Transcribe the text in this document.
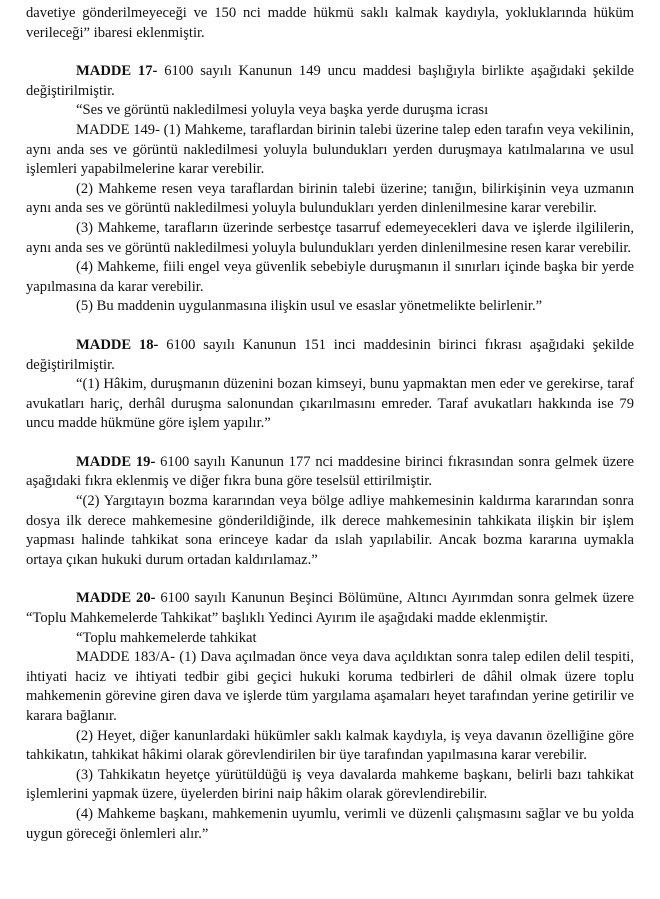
davetiye gönderilmeyeceği ve 150 nci madde hükmü saklı kalmak kaydıyla, yokluklarında hüküm verileceği” ibaresi eklenmiştir.

MADDE 17- 6100 sayılı Kanunun 149 uncu maddesi başlığıyla birlikte aşağıdaki şekilde değiştirilmiştir.

“Ses ve görüntü nakledilmesi yoluyla veya başka yerde duruşma icrası

MADDE 149- (1) Mahkeme, taraflardan birinin talebi üzerine talep eden tarafın veya vekilinin, aynı anda ses ve görüntü nakledilmesi yoluyla bulundukları yerden duruşmaya katılmalarına ve usul işlemleri yapabilmelerine karar verebilir.

(2) Mahkeme resen veya taraflardan birinin talebi üzerine; tanığın, bilirkişinin veya uzmanın aynı anda ses ve görüntü nakledilmesi yoluyla bulundukları yerden dinlenilmesine karar verebilir.

(3) Mahkeme, tarafların üzerinde serbestçe tasarruf edemeyecekleri dava ve işlerde ilgililerin, aynı anda ses ve görüntü nakledilmesi yoluyla bulundukları yerden dinlenilmesine resen karar verebilir.

(4) Mahkeme, fiili engel veya güvenlik sebebiyle duruşmanın il sınırları içinde başka bir yerde yapılmasına da karar verebilir.

(5) Bu maddenin uygulanmasına ilişkin usul ve esaslar yönetmelikte belirlenir.”

MADDE 18- 6100 sayılı Kanunun 151 inci maddesinin birinci fıkrası aşağıdaki şekilde değiştirilmiştir.

“(1) Hâkim, duruşmanın düzenini bozan kimseyi, bunu yapmaktan men eder ve gerekirse, taraf avukatları hariç, derhâl duruşma salonundan çıkarılmasını emreder. Taraf avukatları hakkında ise 79 uncu madde hükmüne göre işlem yapılır.”

MADDE 19- 6100 sayılı Kanunun 177 nci maddesine birinci fıkrasından sonra gelmek üzere aşağıdaki fıkra eklenmiş ve diğer fıkra buna göre teselsül ettirilmiştir.

“(2) Yargıtayın bozma kararından veya bölge adliye mahkemesinin kaldırma kararından sonra dosya ilk derece mahkemesine gönderildiğinde, ilk derece mahkemesinin tahkikata ilişkin bir işlem yapması halinde tahkikat sona erinceye kadar da ıslah yapılabilir. Ancak bozma kararına uymakla ortaya çıkan hukuki durum ortadan kaldırılamaz.”

MADDE 20- 6100 sayılı Kanunun Beşinci Bölümüne, Altıncı Ayırımdan sonra gelmek üzere “Toplu Mahkemelerde Tahkikat” başlıklı Yedinci Ayırım ile aşağıdaki madde eklenmiştir.

“Toplu mahkemelerde tahkikat

MADDE 183/A- (1) Dava açılmadan önce veya dava açıldıktan sonra talep edilen delil tespiti, ihtiyati haciz ve ihtiyati tedbir gibi geçici hukuki koruma tedbirleri de dâhil olmak üzere toplu mahkemenin görevine giren dava ve işlerde tüm yargılama aşamaları heyet tarafından yerine getirilir ve karara bağlanır.

(2) Heyet, diğer kanunlardaki hükümler saklı kalmak kaydıyla, iş veya davanın özelliğine göre tahkikatın, tahkikat hâkimi olarak görevlendirilen bir üye tarafından yapılmasına karar verebilir.

(3) Tahkikatın heyetçe yürütüldüğü iş veya davalarda mahkeme başkanı, belirli bazı tahkikat işlemlerini yapmak üzere, üyelerden birini naip hâkim olarak görevlendirebilir.

(4) Mahkeme başkanı, mahkemenin uyumlu, verimli ve düzenli çalışmasını sağlar ve bu yolda uygun göreceği önlemleri alır.”
